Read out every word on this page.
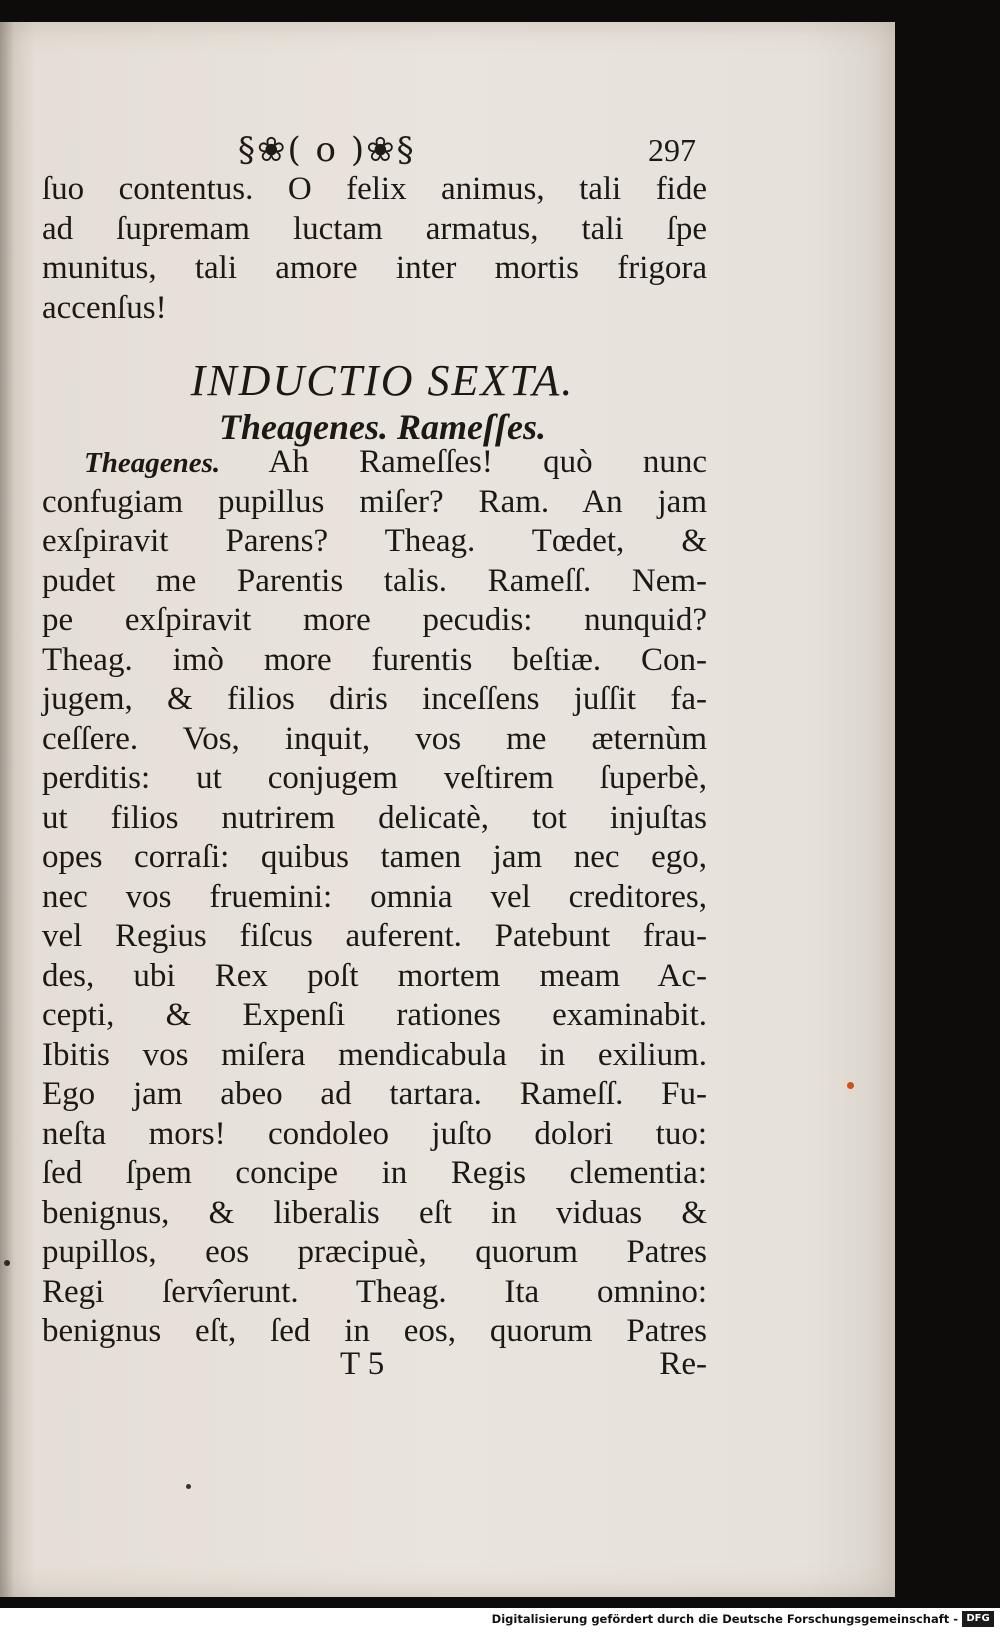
§❀( o )❀§	297
ſuo contentus. O felix animus, tali fide
ad ſupremam luctam armatus, tali ſpe
munitus, tali amore inter mortis frigora
accenſus!
INDUCTIO SEXTA.
Theagenes. Rameſſes.
Theagenes. Ah Rameſſes! quò nunc
confugiam pupillus miſer? Ram. An jam
exſpiravit Parens? Theag. Tœdet, &
pudet me Parentis talis. Rameſſ. Nem-
pe exſpiravit more pecudis: nunquid?
Theag. imò more furentis beſtiæ. Con-
jugem, & filios diris inceſſens juſſit fa-
ceſſere. Vos, inquit, vos me æternùm
perditis: ut conjugem veſtirem ſuperbè,
ut filios nutrirem delicatè, tot injuſtas
opes corraſi: quibus tamen jam nec ego,
nec vos fruemini: omnia vel creditores,
vel Regius fiſcus auferent. Patebunt frau-
des, ubi Rex poſt mortem meam Ac-
cepti, & Expenſi rationes examinabit.
Ibitis vos miſera mendicabula in exilium.
Ego jam abeo ad tartara. Rameſſ. Fu-
neſta mors! condoleo juſto dolori tuo:
ſed ſpem concipe in Regis clementia:
benignus, & liberalis eſt in viduas &
pupillos, eos præcipuè, quorum Patres
Regi ſervîerunt. Theag. Ita omnino:
benignus eſt, ſed in eos, quorum Patres
T 5	Re-
Digitalisierung gefördert durch die Deutsche Forschungsgemeinschaft - DFG
